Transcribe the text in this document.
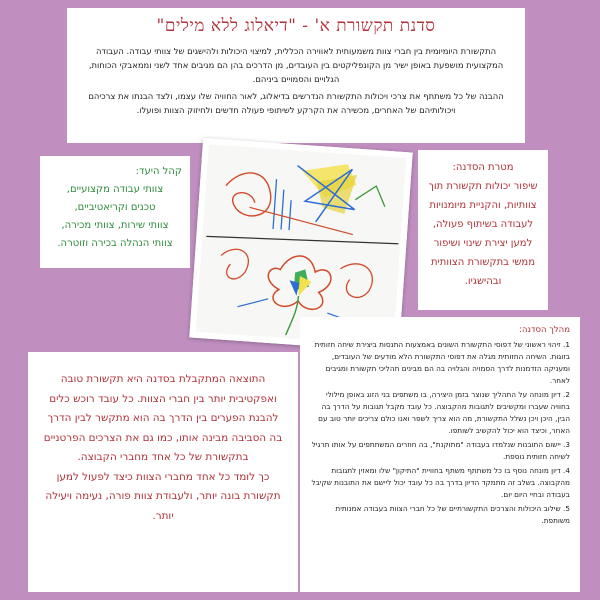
סדנת תקשורת א' - "דיאלוג ללא מילים"
התקשורת היומיומית בין חברי צוות משמעותית לאווירה הכללית, למיצוי היכולות ולהישגים של צוותי עבודה. העבודה המקצועית מושפעת באופן ישיר מן הקונפליקטים בין העובדים, מן הדרכים בהן הם מגיבים אחד לשני וממאבקי הכוחות, הגלויים והסמויים ביניהם.
ההבנה של כל משתתף את צרכי ויכולות התקשורת הנדרשים בדיאלוג, לאור החוויה שלו עצמו, ולצד הבנתו את צרכיהם ויכולותיהם של האחרים, מכשירה את הקרקע לשיתופי פעולה חדשים ולחיזוק הצוות ופועלו.
מטרת הסדנה:
שיפור יכולות תקשורת תוך צוותיות, והקניית מיומנויות לעבודה בשיתוף פעולה, למען יצירת שינוי ושיפור ממשי בתקשורת הצוותית ובהישגיו.
קהל היעד:
צוותי עבודה מקצועיים,
טכנים וקריאטיביים,
צוותי שירות, צוותי מכירה,
צוותי הנהלה בכירה וזוטרה.
מהלך הסדנה:

1. זיהוי ראשוני של דפוסי התקשורת השונים באמצעות התנסות ביצירת שיחה חזותית בזוגות. השיחה החזותית מגלה את דפוסי התקשורת הלא מודעים של העובדים, ומעניקה הזדמנות לדרך הסמויה והגלויה בה הם מבינים תהליכי תקשורת ומגיבים לאחר.

2. דיון מונחה על התהליך שנוצר בזמן היצירה, בו משתפים בני הזוג באופן מילולי בחוויה שעברו ומקשיבים לתגובות מהקבוצה. כל עובד מקבל תגובות על הדרך בה הבין, היכן ויכן נשלל התקשורת, מה הוא צריך לשפר ואנו כולם צריכים יותר טוב עם האחר, וכיצד הוא יכול להקשיב לשותפו.

3. יישום התובנות שנלמדו בעבודה "מתוקנת", בה חוזרים המשתתפים על אותו תרגיל לשיחה חזותית נוספת.

4. דיון מונחה נוסף בו כל משתתף משתף בחוויית "התיקון" שלו ומאזין לתגובות מהקבוצה. בשלב זה מתמקד הדיון בדרך בה כל עובד יכול ליישם את התובנות שקיבל בעבודה ובחיי היום יום.

5. שילוב היכולות והצרכים התקשורתיים של כל חברי הצוות בעבודה אמנותית משותפת.

התוצאה המתקבלת בסדנה היא תקשורת טובה ואפקטיבית יותר בין חברי הצוות. כל עובד רוכש כלים להבנת הפערים בין הדרך בה הוא מתקשר לבין הדרך בה הסביבה מבינה אותו, כמו גם את הצרכים הפרטניים בתקשורת של כל אחד מחברי הקבוצה.

כך לומד כל אחד מחברי הצוות כיצד לפעול למען תקשורת בונה יותר, ולעבודת צוות פורה, נעימה ויעילה יותר.
